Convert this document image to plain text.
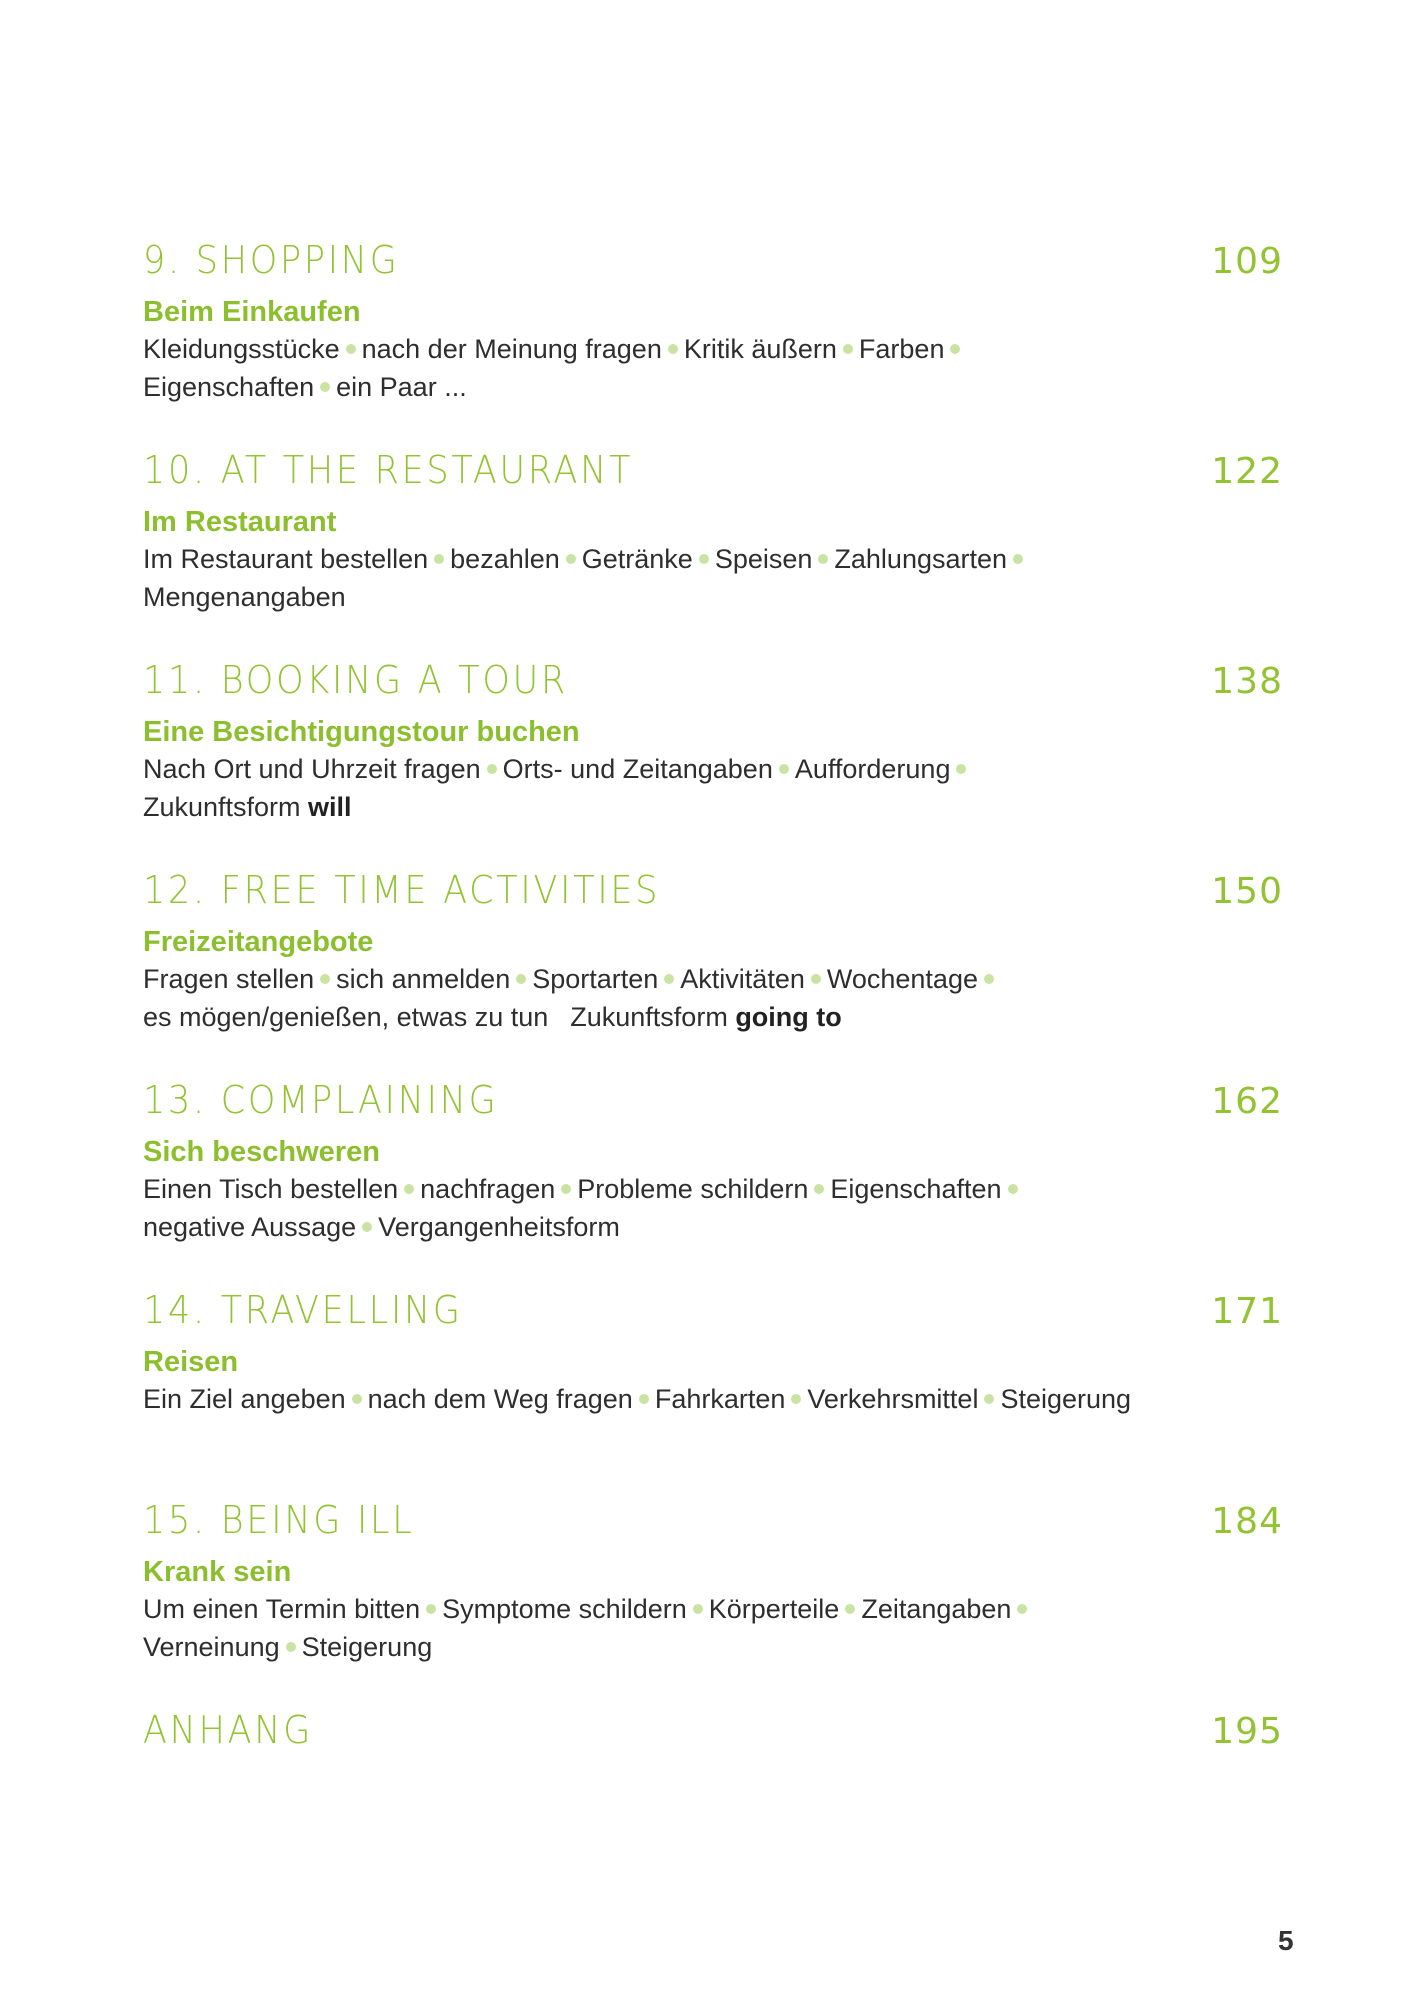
9. SHOPPING	109
Beim Einkaufen
Kleidungsstücke nach der Meinung fragen Kritik äußern Farben
Eigenschaften ein Paar ...
10. AT THE RESTAURANT	122
Im Restaurant
Im Restaurant bestellen bezahlen Getränke Speisen Zahlungsarten
Mengenangaben
11. BOOKING A TOUR	138
Eine Besichtigungstour buchen
Nach Ort und Uhrzeit fragen Orts- und Zeitangaben Aufforderung
Zukunftsform will
12. FREE TIME ACTIVITIES	150
Freizeitangebote
Fragen stellen sich anmelden Sportarten Aktivitäten Wochentage
es mögen/genießen, etwas zu tun Zukunftsform going to
13. COMPLAINING	162
Sich beschweren
Einen Tisch bestellen nachfragen Probleme schildern Eigenschaften
negative Aussage Vergangenheitsform
14. TRAVELLING	171
Reisen
Ein Ziel angeben nach dem Weg fragen Fahrkarten Verkehrsmittel Steigerung
15. BEING ILL	184
Krank sein
Um einen Termin bitten Symptome schildern Körperteile Zeitangaben
Verneinung Steigerung
ANHANG	195
5
